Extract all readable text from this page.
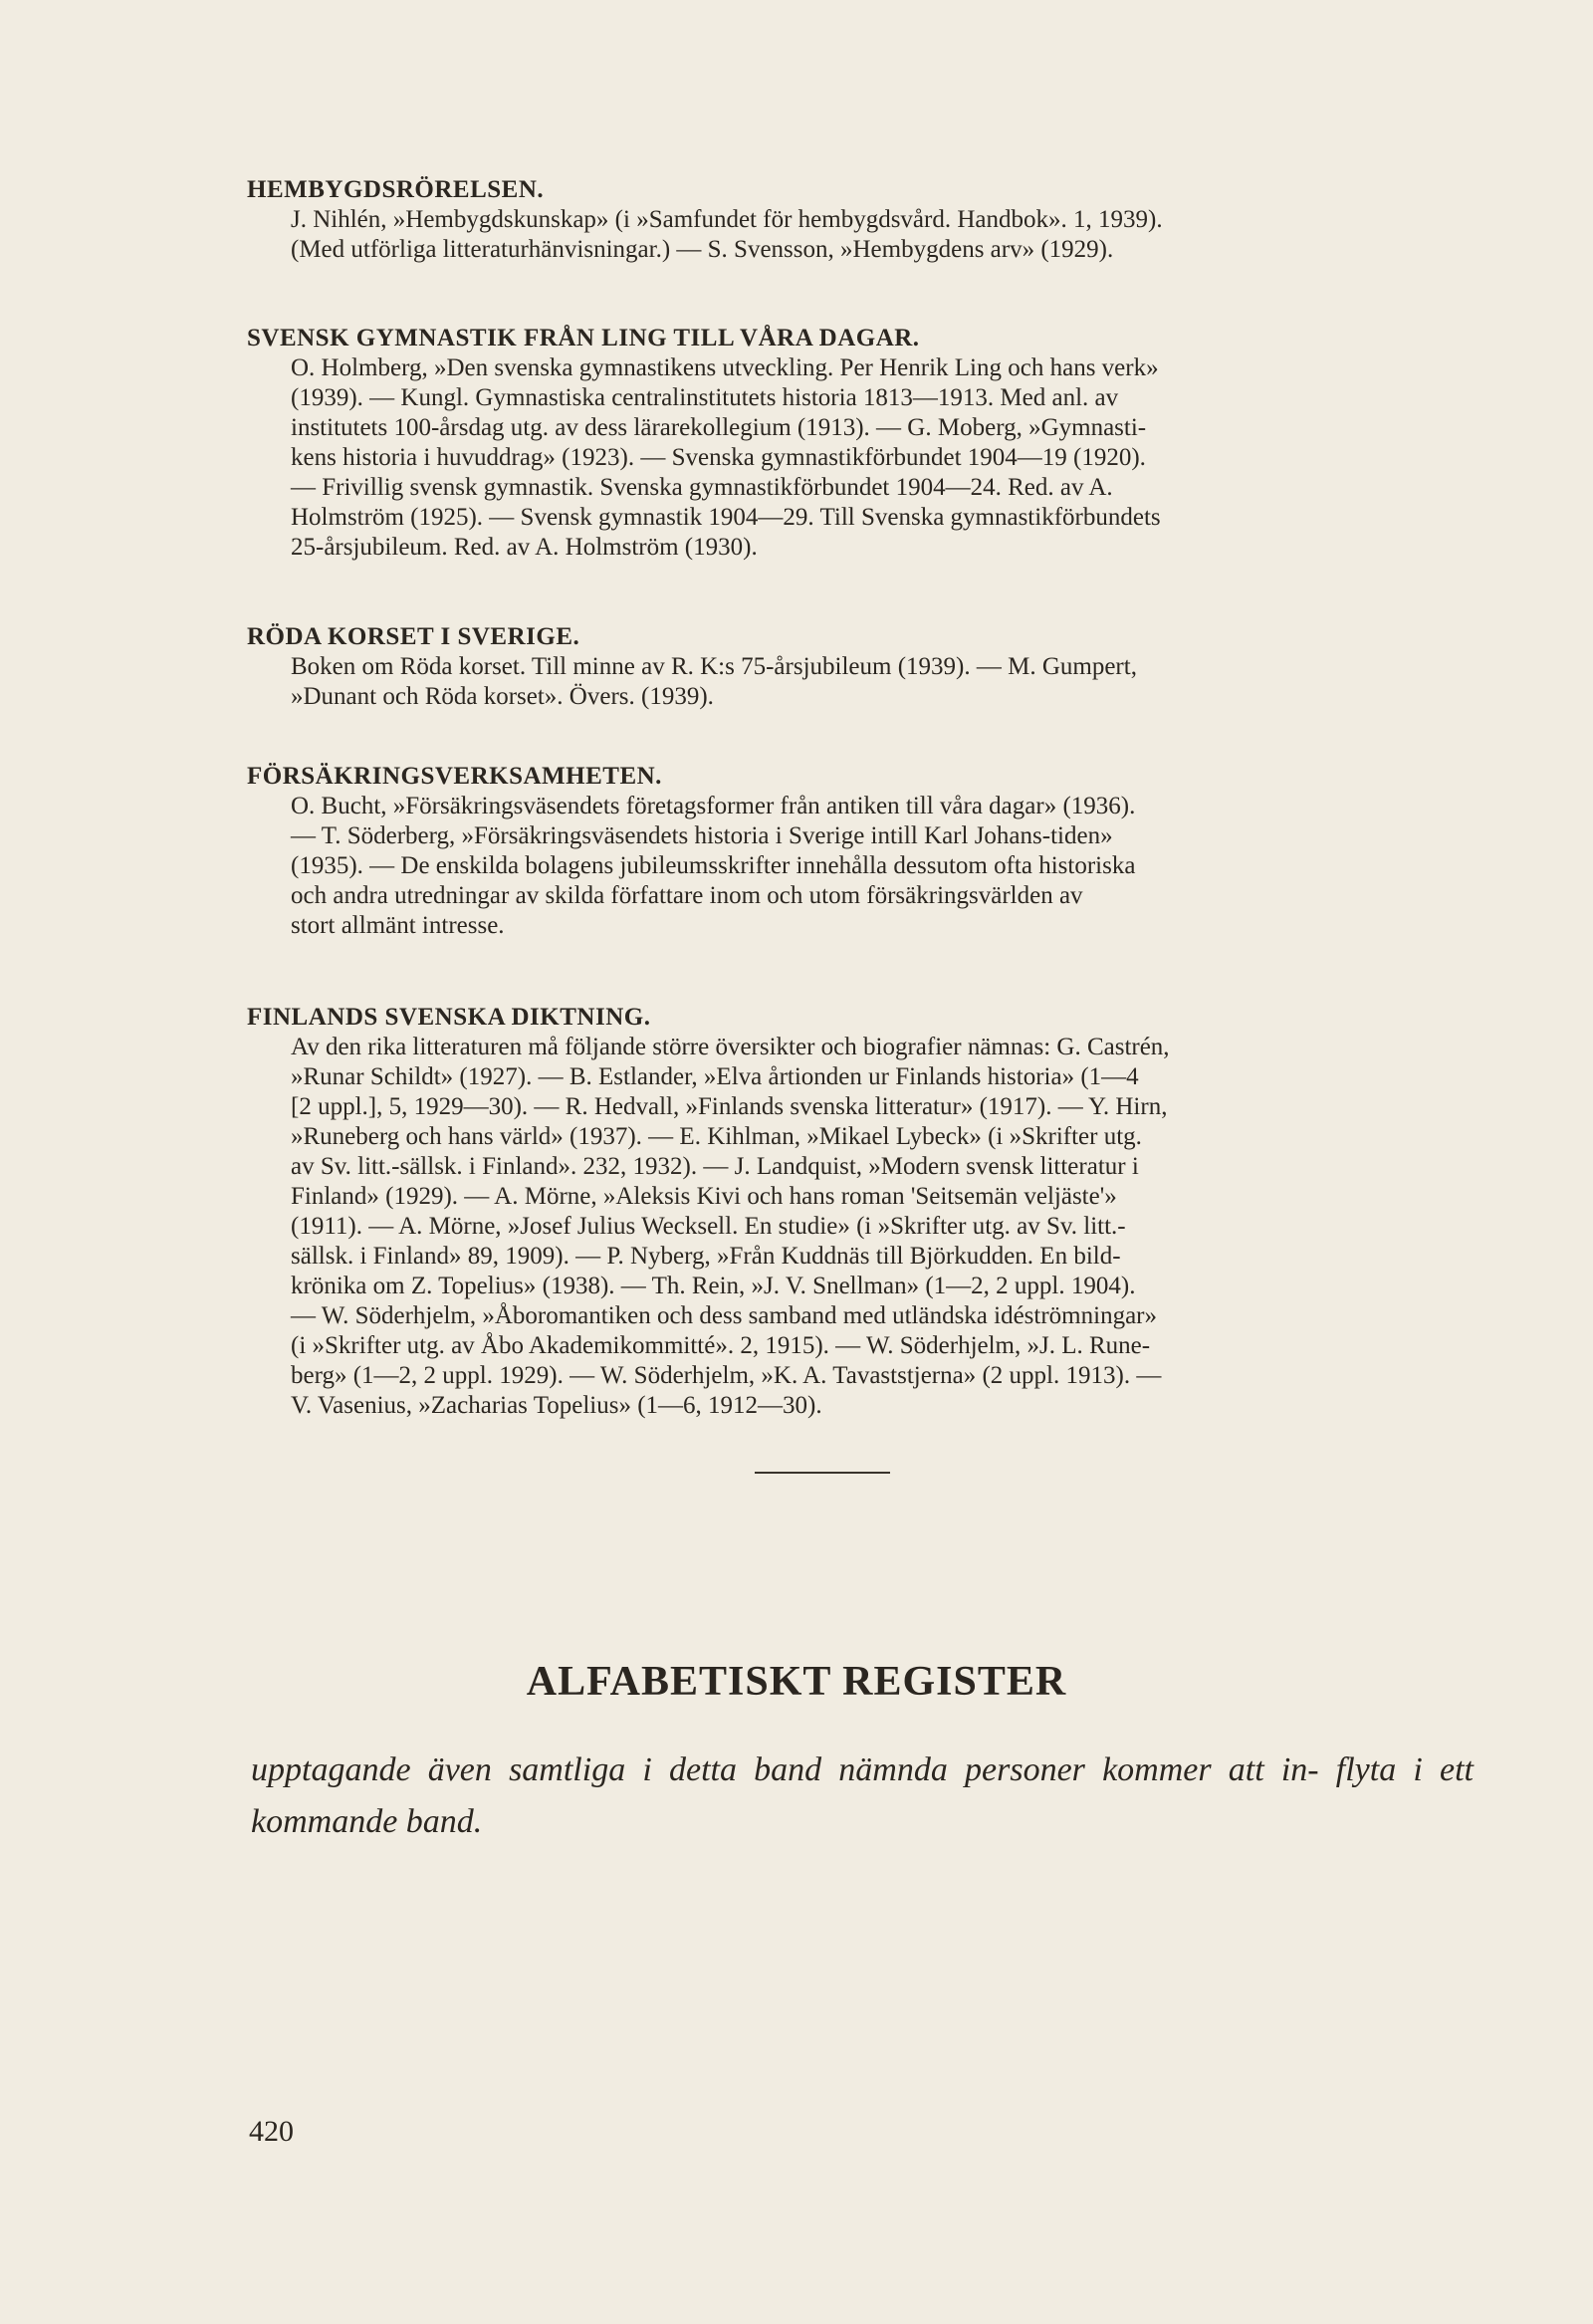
HEMBYGDSRÖRELSEN.

J. Nihlén, »Hembygdskunskap» (i »Samfundet för hembygdsvård. Handbok». 1, 1939).

(Med utförliga litteraturhänvisningar.) — S. Svensson, »Hembygdens arv» (1929).

SVENSK GYMNASTIK FRÅN LING TILL VÅRA DAGAR.

O. Holmberg, »Den svenska gymnastikens utveckling. Per Henrik Ling och hans verk»

(1939). — Kungl. Gymnastiska centralinstitutets historia 1813—1913. Med anl. av

institutets 100-årsdag utg. av dess lärarekollegium (1913). — G. Moberg, »Gymnasti-

kens historia i huvuddrag» (1923). — Svenska gymnastikförbundet 1904—19 (1920).

— Frivillig svensk gymnastik. Svenska gymnastikförbundet 1904—24. Red. av A.

Holmström (1925). — Svensk gymnastik 1904—29. Till Svenska gymnastikförbundets

25-årsjubileum. Red. av A. Holmström (1930).

RÖDA KORSET I SVERIGE.

Boken om Röda korset. Till minne av R. K:s 75-årsjubileum (1939). — M. Gumpert,

»Dunant och Röda korset». Övers. (1939).

FÖRSÄKRINGSVERKSAMHETEN.

O. Bucht, »Försäkringsväsendets företagsformer från antiken till våra dagar» (1936).

— T. Söderberg, »Försäkringsväsendets historia i Sverige intill Karl Johans-tiden»

(1935). — De enskilda bolagens jubileumsskrifter innehålla dessutom ofta historiska

och andra utredningar av skilda författare inom och utom försäkringsvärlden av

stort allmänt intresse.

FINLANDS SVENSKA DIKTNING.

Av den rika litteraturen må följande större översikter och biografier nämnas: G. Castrén,

»Runar Schildt» (1927). — B. Estlander, »Elva årtionden ur Finlands historia» (1—4

[2 uppl.], 5, 1929—30). — R. Hedvall, »Finlands svenska litteratur» (1917). — Y. Hirn,

»Runeberg och hans värld» (1937). — E. Kihlman, »Mikael Lybeck» (i »Skrifter utg.

av Sv. litt.-sällsk. i Finland». 232, 1932). — J. Landquist, »Modern svensk litteratur i

Finland» (1929). — A. Mörne, »Aleksis Kivi och hans roman 'Seitsemän veljäste'»

(1911). — A. Mörne, »Josef Julius Wecksell. En studie» (i »Skrifter utg. av Sv. litt.-

sällsk. i Finland» 89, 1909). — P. Nyberg, »Från Kuddnäs till Björkudden. En bild-

krönika om Z. Topelius» (1938). — Th. Rein, »J. V. Snellman» (1—2, 2 uppl. 1904).

— W. Söderhjelm, »Åboromantiken och dess samband med utländska idéströmningar»

(i »Skrifter utg. av Åbo Akademikommitté». 2, 1915). — W. Söderhjelm, »J. L. Rune-

berg» (1—2, 2 uppl. 1929). — W. Söderhjelm, »K. A. Tavaststjerna» (2 uppl. 1913). —

V. Vasenius, »Zacharias Topelius» (1—6, 1912—30).

ALFABETISKT REGISTER

upptagande även samtliga i detta band nämnda personer kommer att in- flyta i ett kommande band.

420
